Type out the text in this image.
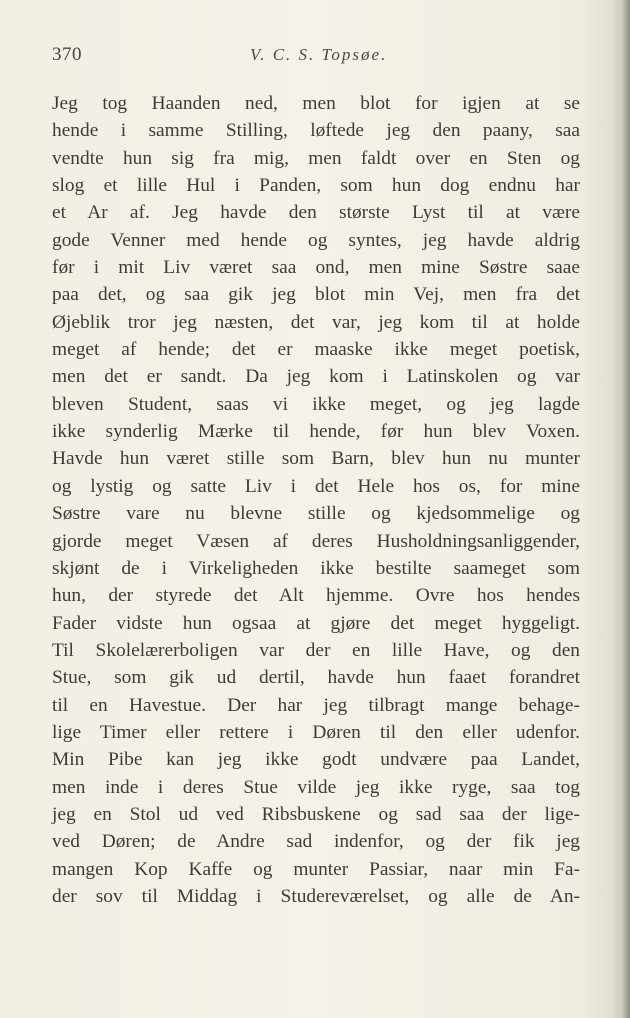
370	V. C. S. Topsøe.
Jeg tog Haanden ned, men blot for igjen at se
hende i samme Stilling, løftede jeg den paany, saa
vendte hun sig fra mig, men faldt over en Sten og
slog et lille Hul i Panden, som hun dog endnu har
et Ar af. Jeg havde den største Lyst til at være
gode Venner med hende og syntes, jeg havde aldrig
før i mit Liv været saa ond, men mine Søstre saae
paa det, og saa gik jeg blot min Vej, men fra det
Øjeblik tror jeg næsten, det var, jeg kom til at holde
meget af hende; det er maaske ikke meget poetisk,
men det er sandt. Da jeg kom i Latinskolen og var
bleven Student, saas vi ikke meget, og jeg lagde
ikke synderlig Mærke til hende, før hun blev Voxen.
Havde hun været stille som Barn, blev hun nu munter
og lystig og satte Liv i det Hele hos os, for mine
Søstre vare nu blevne stille og kjedsommelige og
gjorde meget Væsen af deres Husholdningsanliggender,
skjønt de i Virkeligheden ikke bestilte saameget som
hun, der styrede det Alt hjemme. Ovre hos hendes
Fader vidste hun ogsaa at gjøre det meget hyggeligt.
Til Skolelærerboligen var der en lille Have, og den
Stue, som gik ud dertil, havde hun faaet forandret
til en Havestue. Der har jeg tilbragt mange behage-
lige Timer eller rettere i Døren til den eller udenfor.
Min Pibe kan jeg ikke godt undvære paa Landet,
men inde i deres Stue vilde jeg ikke ryge, saa tog
jeg en Stol ud ved Ribsbuskene og sad saa der lige-
ved Døren; de Andre sad indenfor, og der fik jeg
mangen Kop Kaffe og munter Passiar, naar min Fa-
der sov til Middag i Studereværelset, og alle de An-
